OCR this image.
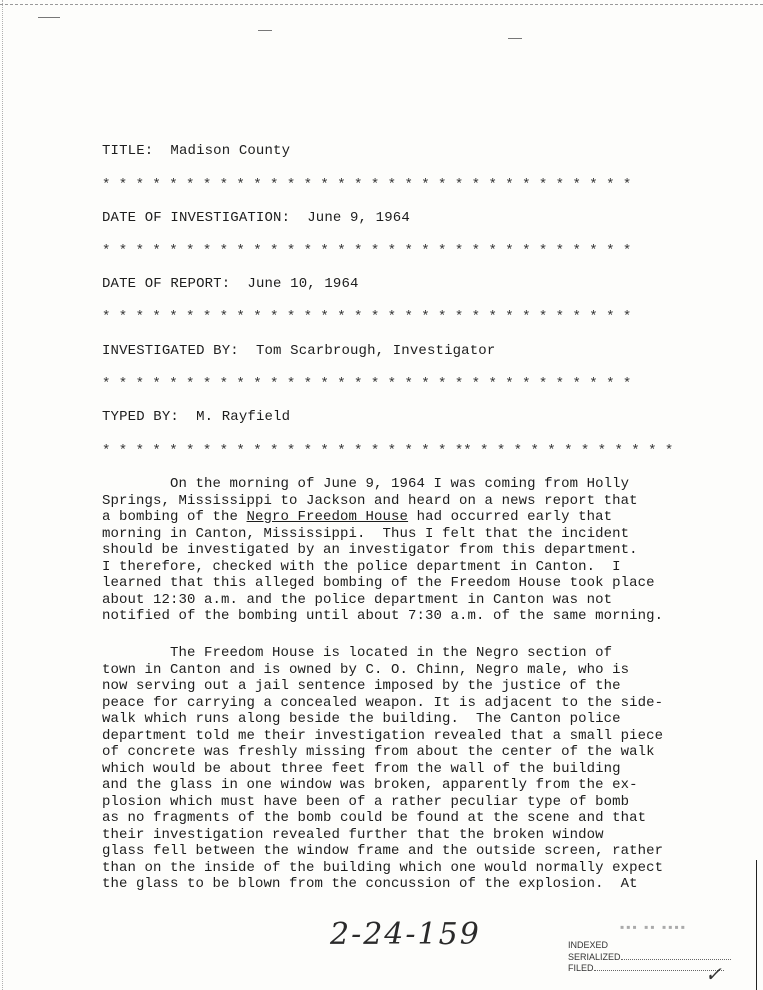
TITLE: Madison County
* * * * * * * * * * * * * * * * * * * * * * * * * * * * * * * *
DATE OF INVESTIGATION: June 9, 1964
* * * * * * * * * * * * * * * * * * * * * * * * * * * * * * * *
DATE OF REPORT: June 10, 1964
* * * * * * * * * * * * * * * * * * * * * * * * * * * * * * * *
INVESTIGATED BY: Tom Scarbrough, Investigator
* * * * * * * * * * * * * * * * * * * * * * * * * * * * * * * *
TYPED BY: M. Rayfield
* * * * * * * * * * * * * * * * * * * * * ** * * * * * * * * * * * *
On the morning of June 9, 1964 I was coming from Holly
Springs, Mississippi to Jackson and heard on a news report that
a bombing of the Negro Freedom House had occurred early that
morning in Canton, Mississippi.  Thus I felt that the incident
should be investigated by an investigator from this department.
I therefore, checked with the police department in Canton.  I
learned that this alleged bombing of the Freedom House took place
about 12:30 a.m. and the police department in Canton was not
notified of the bombing until about 7:30 a.m. of the same morning.
The Freedom House is located in the Negro section of
town in Canton and is owned by C. O. Chinn, Negro male, who is
now serving out a jail sentence imposed by the justice of the
peace for carrying a concealed weapon. It is adjacent to the side-
walk which runs along beside the building.  The Canton police
department told me their investigation revealed that a small piece
of concrete was freshly missing from about the center of the walk
which would be about three feet from the wall of the building
and the glass in one window was broken, apparently from the ex-
plosion which must have been of a rather peculiar type of bomb
as no fragments of the bomb could be found at the scene and that
their investigation revealed further that the broken window
glass fell between the window frame and the outside screen, rather
than on the inside of the building which one would normally expect
the glass to be blown from the concussion of the explosion.  At
2-24-159	▪▪▪ ▪▪ ▪▪▪▪
INDEXED
SERIALIZED
FILED	✓
